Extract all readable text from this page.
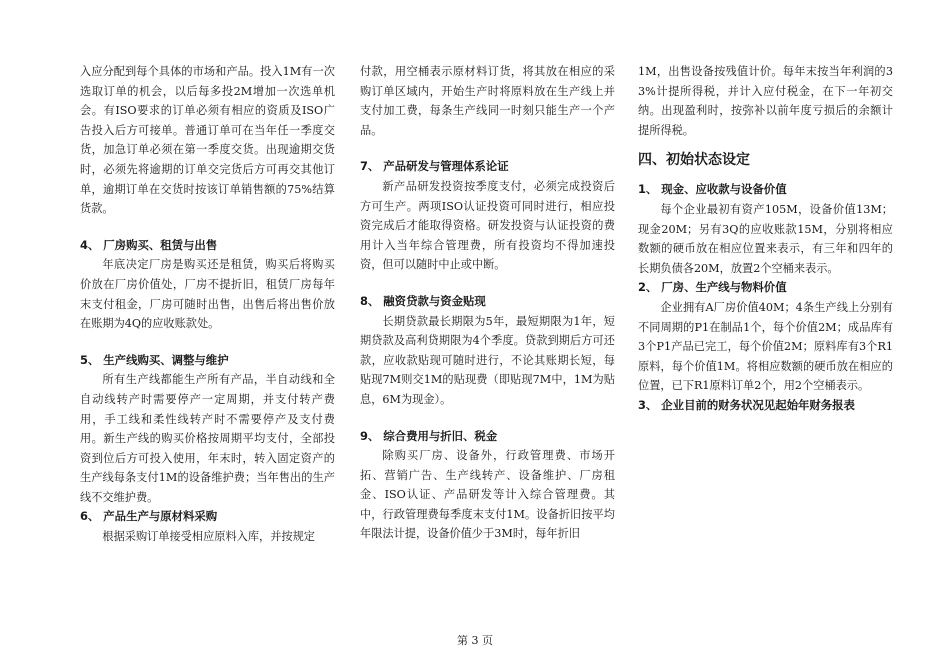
入应分配到每个具体的市场和产品。投入1M有一次选取订单的机会，以后每多投2M增加一次选单机会。有ISO要求的订单必须有相应的资质及ISO广告投入后方可接单。普通订单可在当年任一季度交货，加急订单必须在第一季度交货。出现逾期交货时，必须先将逾期的订单交完货后方可再交其他订单，逾期订单在交货时按该订单销售额的75%结算货款。

4、 厂房购买、租赁与出售

年底决定厂房是购买还是租赁，购买后将购买价放在厂房价值处，厂房不提折旧，租赁厂房每年末支付租金，厂房可随时出售，出售后将出售价放在账期为4Q的应收账款处。

5、 生产线购买、调整与维护

所有生产线都能生产所有产品，半自动线和全自动线转产时需要停产一定周期，并支付转产费用，手工线和柔性线转产时不需要停产及支付费用。新生产线的购买价格按周期平均支付，全部投资到位后方可投入使用，年末时，转入固定资产的生产线每条支付1M的设备维护费；当年售出的生产线不交维护费。

6、 产品生产与原材料采购

根据采购订单接受相应原料入库，并按规定

付款，用空桶表示原材料订货，将其放在相应的采购订单区域内，开始生产时将原料放在生产线上并支付加工费，每条生产线同一时刻只能生产一个产品。

7、 产品研发与管理体系论证

新产品研发投资按季度支付，必须完成投资后方可生产。两项ISO认证投资可同时进行，相应投资完成后才能取得资格。研发投资与认证投资的费用计入当年综合管理费，所有投资均不得加速投资，但可以随时中止或中断。

8、 融资贷款与资金贴现

长期贷款最长期限为5年，最短期限为1年，短期贷款及高利贷期限为4个季度。贷款到期后方可还款，应收款贴现可随时进行，不论其账期长短，每贴现7M则交1M的贴现费（即贴现7M中，1M为贴息，6M为现金）。

9、 综合费用与折旧、税金

除购买厂房、设备外，行政管理费、市场开拓、营销广告、生产线转产、设备维护、厂房租金、ISO认证、产品研发等计入综合管理费。其中，行政管理费每季度末支付1M。设备折旧按平均年限法计提，设备价值少于3M时，每年折旧

1M，出售设备按残值计价。每年末按当年利润的33%计提所得税，并计入应付税金，在下一年初交纳。出现盈利时，按弥补以前年度亏损后的余额计提所得税。

四、初始状态设定
1、 现金、应收款与设备价值

每个企业最初有资产105M，设备价值13M；现金20M；另有3Q的应收账款15M，分别将相应数额的硬币放在相应位置来表示，有三年和四年的长期负债各20M，放置2个空桶来表示。

2、 厂房、生产线与物料价值

企业拥有A厂房价值40M；4条生产线上分别有不同周期的P1在制品1个，每个价值2M；成品库有3个P1产品已完工，每个价值2M；原料库有3个R1原料，每个价值1M。将相应数额的硬币放在相应的位置，已下R1原料订单2个，用2个空桶表示。

3、 企业目前的财务状况见起始年财务报表
第 3 页
